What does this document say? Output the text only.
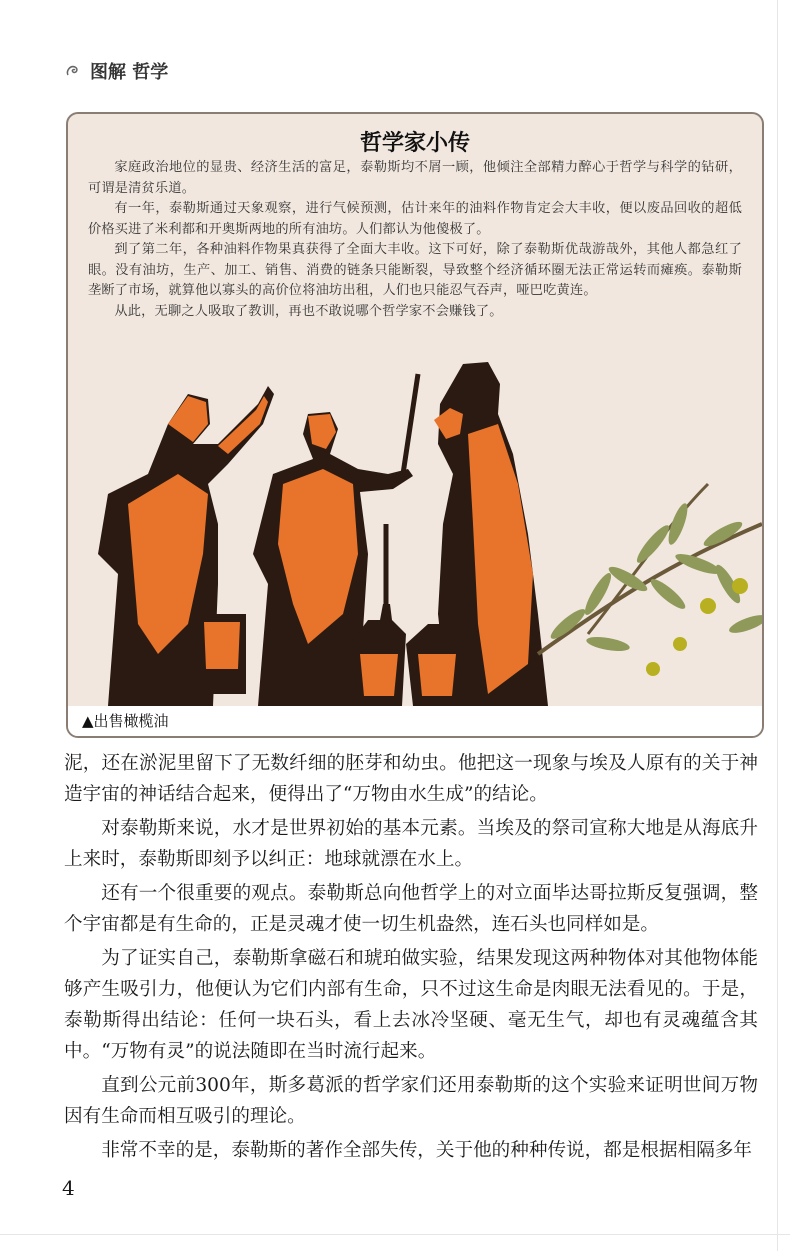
图解 哲学
哲学家小传

家庭政治地位的显贵、经济生活的富足，泰勒斯均不屑一顾，他倾注全部精力醉心于哲学与科学的钻研，可谓是清贫乐道。

有一年，泰勒斯通过天象观察，进行气候预测，估计来年的油料作物肯定会大丰收，便以废品回收的超低价格买进了米利都和开奥斯两地的所有油坊。人们都认为他傻极了。

到了第二年，各种油料作物果真获得了全面大丰收。这下可好，除了泰勒斯优哉游哉外，其他人都急红了眼。没有油坊，生产、加工、销售、消费的链条只能断裂，导致整个经济循环圈无法正常运转而瘫痪。泰勒斯垄断了市场，就算他以寡头的高价位将油坊出租，人们也只能忍气吞声，哑巴吃黄连。

从此，无聊之人吸取了教训，再也不敢说哪个哲学家不会赚钱了。

▲出售橄榄油

泥，还在淤泥里留下了无数纤细的胚芽和幼虫。他把这一现象与埃及人原有的关于神造宇宙的神话结合起来，便得出了“万物由水生成”的结论。

对泰勒斯来说，水才是世界初始的基本元素。当埃及的祭司宣称大地是从海底升上来时，泰勒斯即刻予以纠正：地球就漂在水上。

还有一个很重要的观点。泰勒斯总向他哲学上的对立面毕达哥拉斯反复强调，整个宇宙都是有生命的，正是灵魂才使一切生机盎然，连石头也同样如是。

为了证实自己，泰勒斯拿磁石和琥珀做实验，结果发现这两种物体对其他物体能够产生吸引力，他便认为它们内部有生命，只不过这生命是肉眼无法看见的。于是，泰勒斯得出结论：任何一块石头，看上去冰冷坚硬、毫无生气，却也有灵魂蕴含其中。“万物有灵”的说法随即在当时流行起来。

直到公元前300年，斯多葛派的哲学家们还用泰勒斯的这个实验来证明世间万物因有生命而相互吸引的理论。

非常不幸的是，泰勒斯的著作全部失传，关于他的种种传说，都是根据相隔多年

4
